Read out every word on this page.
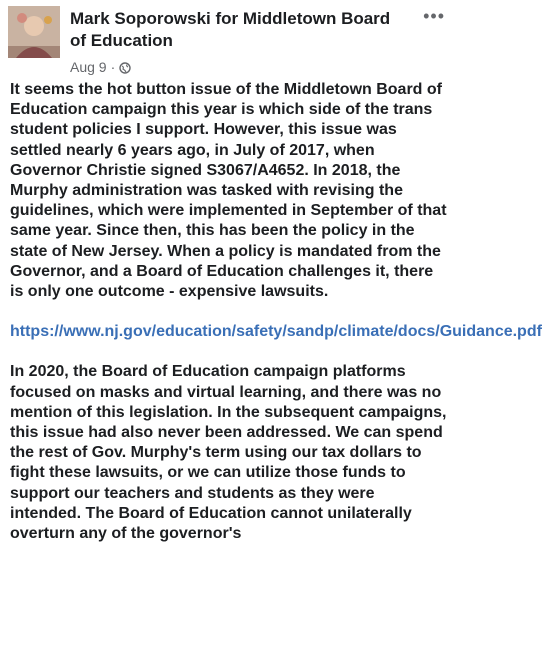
Mark Soporowski for Middletown Board of Education
Aug 9 ·
•••

It seems the hot button issue of the Middletown Board of Education campaign this year is which side of the trans student policies I support. However, this issue was settled nearly 6 years ago, in July of 2017, when Governor Christie signed S3067/A4652. In 2018, the Murphy administration was tasked with revising the guidelines, which were implemented in September of that same year. Since then, this has been the policy in the state of New Jersey. When a policy is mandated from the Governor, and a Board of Education challenges it, there is only one outcome - expensive lawsuits.

https://www.nj.gov/education/safety/sandp/climate/docs/Guidance.pdf

In 2020, the Board of Education campaign platforms focused on masks and virtual learning, and there was no mention of this legislation. In the subsequent campaigns, this issue had also never been addressed. We can spend the rest of Gov. Murphy's term using our tax dollars to fight these lawsuits, or we can utilize those funds to support our teachers and students as they were intended. The Board of Education cannot unilaterally overturn any of the governor's
